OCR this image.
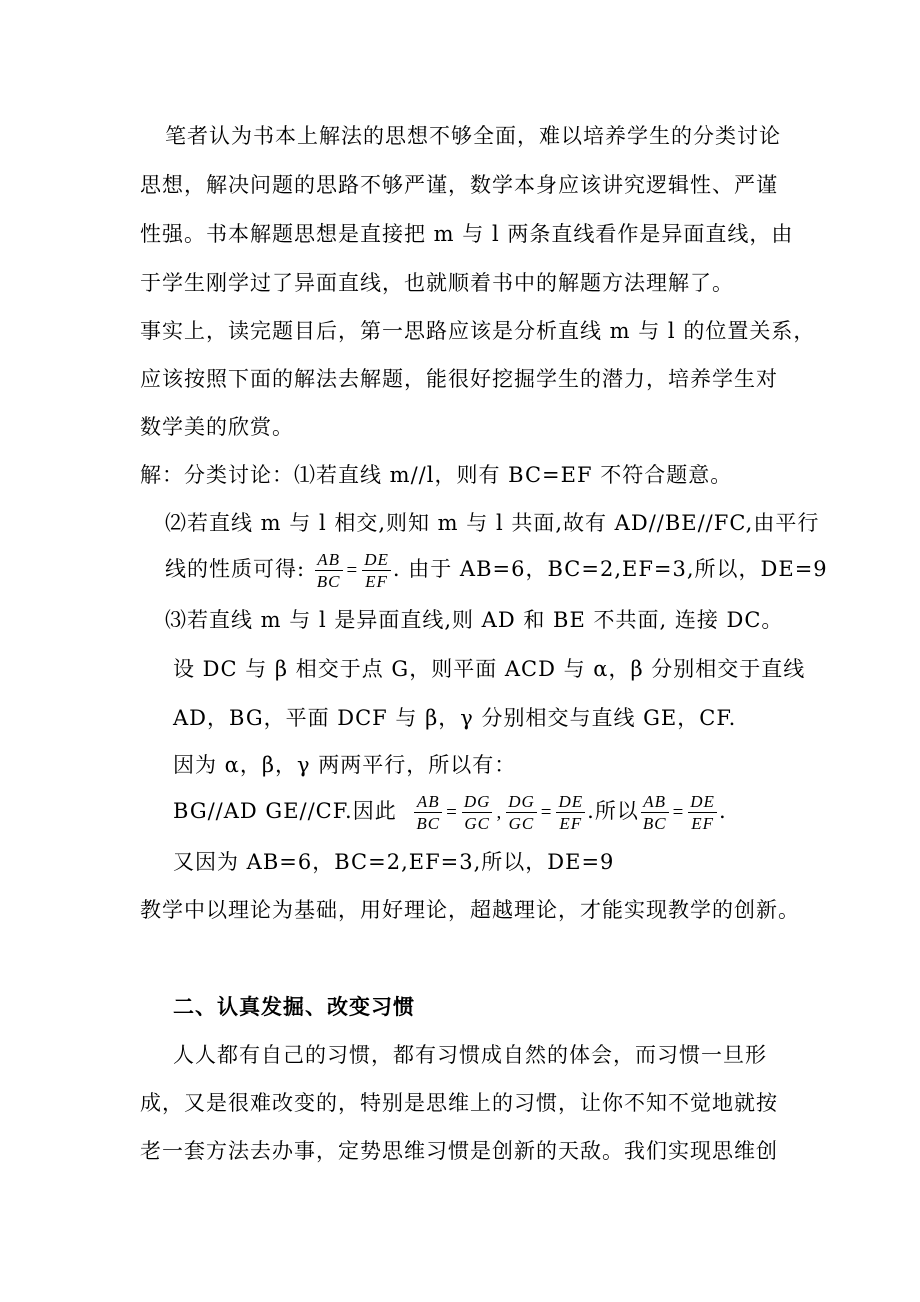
笔者认为书本上解法的思想不够全面，难以培养学生的分类讨论
思想，解决问题的思路不够严谨，数学本身应该讲究逻辑性、严谨
性强。书本解题思想是直接把 m 与 l 两条直线看作是异面直线，由
于学生刚学过了异面直线，也就顺着书中的解题方法理解了。
事实上，读完题目后，第一思路应该是分析直线 m 与 l 的位置关系，
应该按照下面的解法去解题，能很好挖掘学生的潜力，培养学生对
数学美的欣赏。
解：分类讨论：⑴若直线 m//l，则有 BC=EF 不符合题意。
⑵若直线 m 与 l 相交,则知 m 与 l 共面,故有 AD//BE//FC,由平行
线的性质可得: $\frac{AB}{BC} = \frac{DE}{EF}$ . 由于 AB=6，BC=2,EF=3,所以，DE=9
⑶若直线 m 与 l 是异面直线,则 AD 和 BE 不共面, 连接 DC。
设 DC 与 β 相交于点 G，则平面 ACD 与 α，β 分别相交于直线
AD，BG，平面 DCF 与 β，γ 分别相交与直线 GE，CF.
因为 α，β，γ 两两平行，所以有：
BG//AD GE//CF.因此 $\frac{AB}{BC} = \frac{DG}{GC}$ , $\frac{DG}{GC} = \frac{DE}{EF}$ .所以 $\frac{AB}{BC} = \frac{DE}{EF}$ .
又因为 AB=6，BC=2,EF=3,所以，DE=9
教学中以理论为基础，用好理论，超越理论，才能实现教学的创新。
二、认真发掘、改变习惯
人人都有自己的习惯，都有习惯成自然的体会，而习惯一旦形
成，又是很难改变的，特别是思维上的习惯，让你不知不觉地就按
老一套方法去办事，定势思维习惯是创新的天敌。我们实现思维创
